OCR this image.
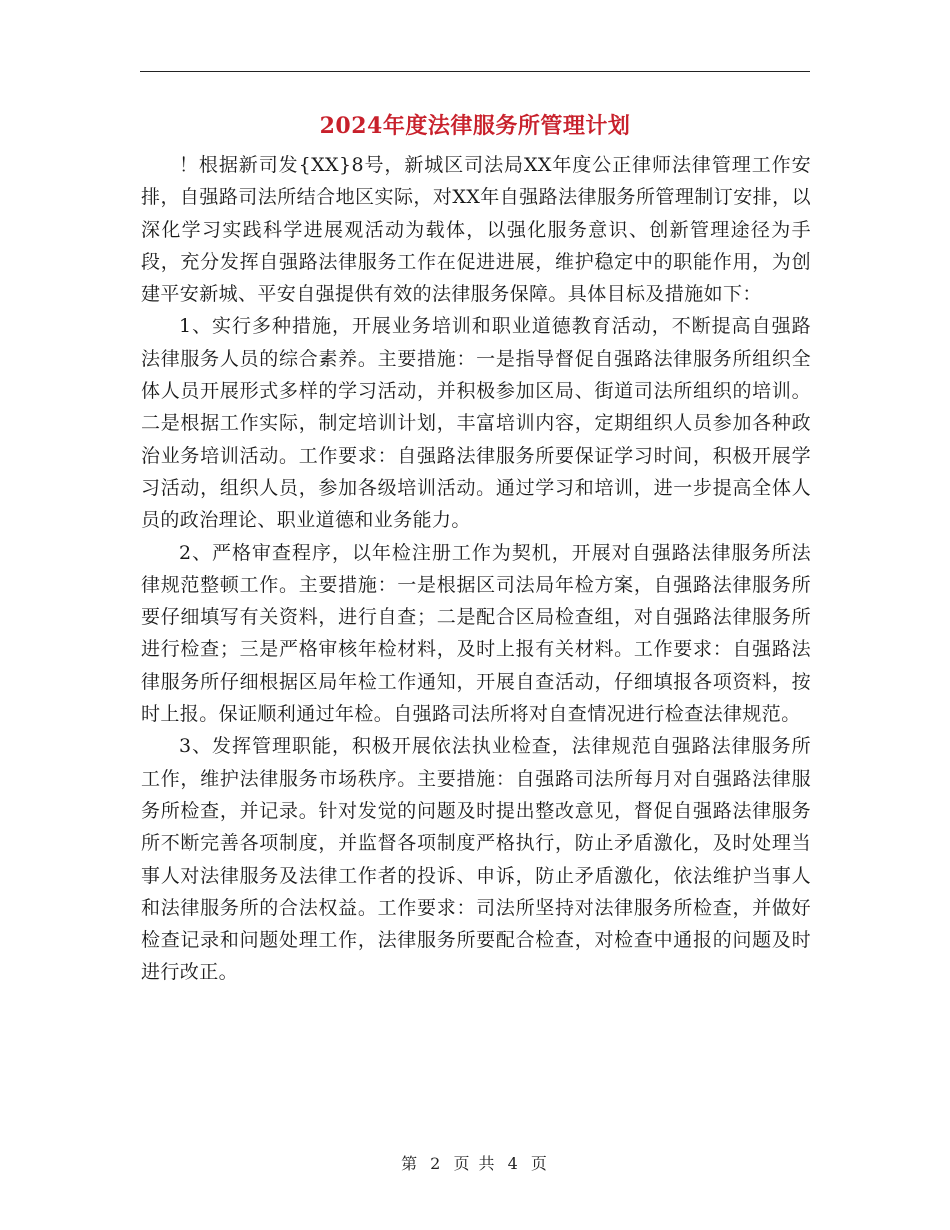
2024年度法律服务所管理计划

！根据新司发{XX}8号，新城区司法局XX年度公正律师法律管理工作安排，自强路司法所结合地区实际，对XX年自强路法律服务所管理制订安排，以深化学习实践科学进展观活动为载体，以强化服务意识、创新管理途径为手段，充分发挥自强路法律服务工作在促进进展，维护稳定中的职能作用，为创建平安新城、平安自强提供有效的法律服务保障。具体目标及措施如下：

1、实行多种措施，开展业务培训和职业道德教育活动，不断提高自强路法律服务人员的综合素养。主要措施：一是指导督促自强路法律服务所组织全体人员开展形式多样的学习活动，并积极参加区局、街道司法所组织的培训。二是根据工作实际，制定培训计划，丰富培训内容，定期组织人员参加各种政治业务培训活动。工作要求：自强路法律服务所要保证学习时间，积极开展学习活动，组织人员，参加各级培训活动。通过学习和培训，进一步提高全体人员的政治理论、职业道德和业务能力。

2、严格审查程序，以年检注册工作为契机，开展对自强路法律服务所法律规范整顿工作。主要措施：一是根据区司法局年检方案，自强路法律服务所要仔细填写有关资料，进行自查；二是配合区局检查组，对自强路法律服务所进行检查；三是严格审核年检材料，及时上报有关材料。工作要求：自强路法律服务所仔细根据区局年检工作通知，开展自查活动，仔细填报各项资料，按时上报。保证顺利通过年检。自强路司法所将对自查情况进行检查法律规范。

3、发挥管理职能，积极开展依法执业检查，法律规范自强路法律服务所工作，维护法律服务市场秩序。主要措施：自强路司法所每月对自强路法律服务所检查，并记录。针对发觉的问题及时提出整改意见，督促自强路法律服务所不断完善各项制度，并监督各项制度严格执行，防止矛盾激化，及时处理当事人对法律服务及法律工作者的投诉、申诉，防止矛盾激化，依法维护当事人和法律服务所的合法权益。工作要求：司法所坚持对法律服务所检查，并做好检查记录和问题处理工作，法律服务所要配合检查，对检查中通报的问题及时进行改正。

第 2 页 共 4 页
